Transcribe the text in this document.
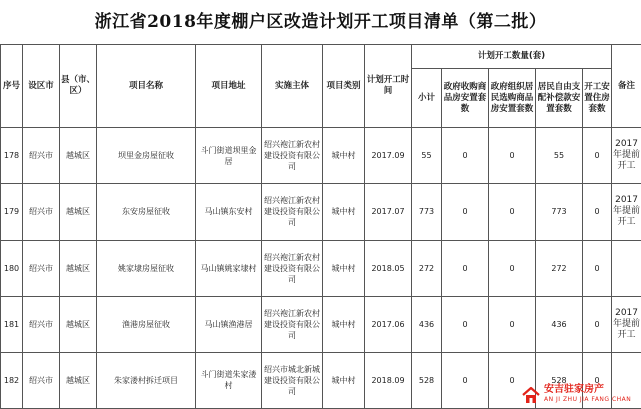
浙江省2018年度棚户区改造计划开工项目清单（第二批）
序号	设区市	县（市、区）	项目名称	项目地址	实施主体	项目类别	计划开工时间	计划开工数量(套)					备注
								小计	政府收购商品房安置套数	政府组织居民选购商品房安置套数	居民自由支配补偿款安置套数	开工安置住房套数	
178	绍兴市	越城区	坝里金房屋征收	斗门街道坝里金居	绍兴袍江新农村建设投资有限公司	城中村	2017.09	55	0	0	55	0	2017年提前开工
179	绍兴市	越城区	东安房屋征收	马山镇东安村	绍兴袍江新农村建设投资有限公司	城中村	2017.07	773	0	0	773	0	2017年提前开工
180	绍兴市	越城区	姚家埭房屋征收	马山镇姚家埭村	绍兴袍江新农村建设投资有限公司	城中村	2018.05	272	0	0	272	0	
181	绍兴市	越城区	渔港房屋征收	马山镇渔港居	绍兴袍江新农村建设投资有限公司	城中村	2017.06	436	0	0	436	0	2017年提前开工
182	绍兴市	越城区	朱家溇村拆迁项目	斗门街道朱家溇村	绍兴市城北新城建设投资有限公司	城中村	2018.09	528	0	0	528	0	
安吉驻家房产
AN JI ZHU JIA FANG CHAN
